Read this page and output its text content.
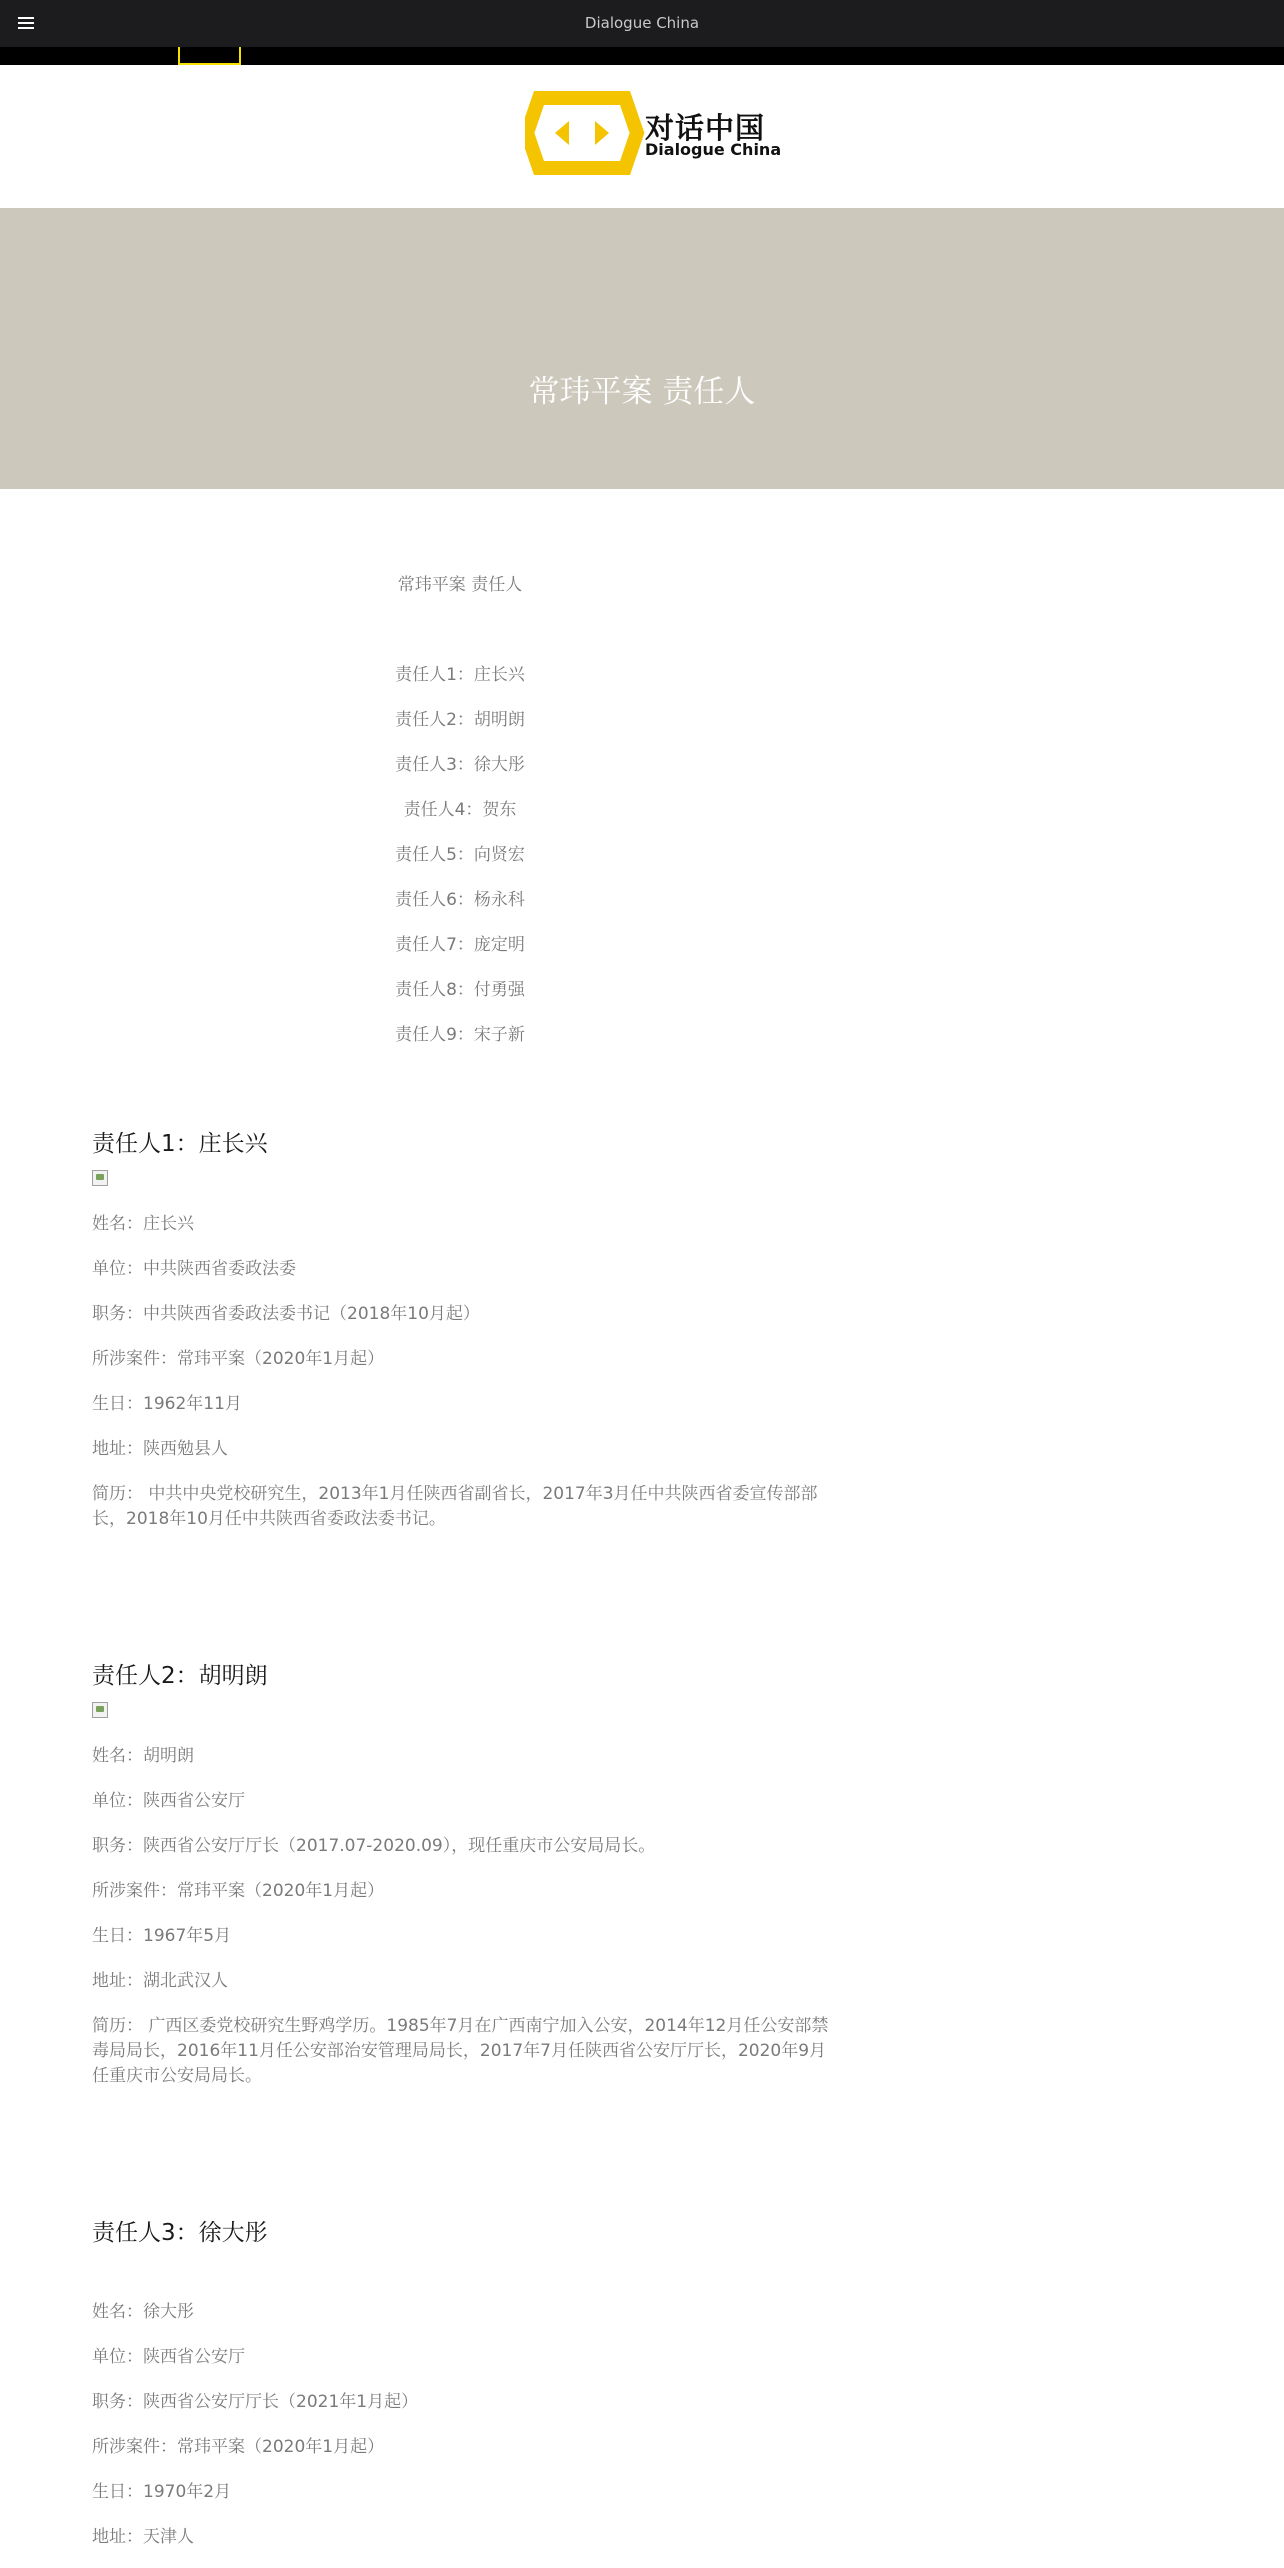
Dialogue China
对话中国
Dialogue China
常玮平案 责任人
常玮平案 责任人
责任人1：庄长兴
责任人2：胡明朗
责任人3：徐大彤
责任人4：贺东
责任人5：向贤宏
责任人6：杨永科
责任人7：庞定明
责任人8：付勇强
责任人9：宋子新
责任人1：庄长兴
姓名：庄长兴
单位：中共陕西省委政法委
职务：中共陕西省委政法委书记（2018年10月起）
所涉案件：常玮平案（2020年1月起）
生日：1962年11月
地址：陕西勉县人
简历： 中共中央党校研究生，2013年1月任陕西省副省长，2017年3月任中共陕西省委宣传部部长，2018年10月任中共陕西省委政法委书记。
责任人2：胡明朗
姓名：胡明朗
单位：陕西省公安厅
职务：陕西省公安厅厅长（2017.07-2020.09），现任重庆市公安局局长。
所涉案件：常玮平案（2020年1月起）
生日：1967年5月
地址：湖北武汉人
简历： 广西区委党校研究生野鸡学历。1985年7月在广西南宁加入公安，2014年12月任公安部禁毒局局长，2016年11月任公安部治安管理局局长，2017年7月任陕西省公安厅厅长，2020年9月任重庆市公安局局长。
责任人3：徐大彤
姓名：徐大彤
单位：陕西省公安厅
职务：陕西省公安厅厅长（2021年1月起）
所涉案件：常玮平案（2020年1月起）
生日：1970年2月
地址：天津人
